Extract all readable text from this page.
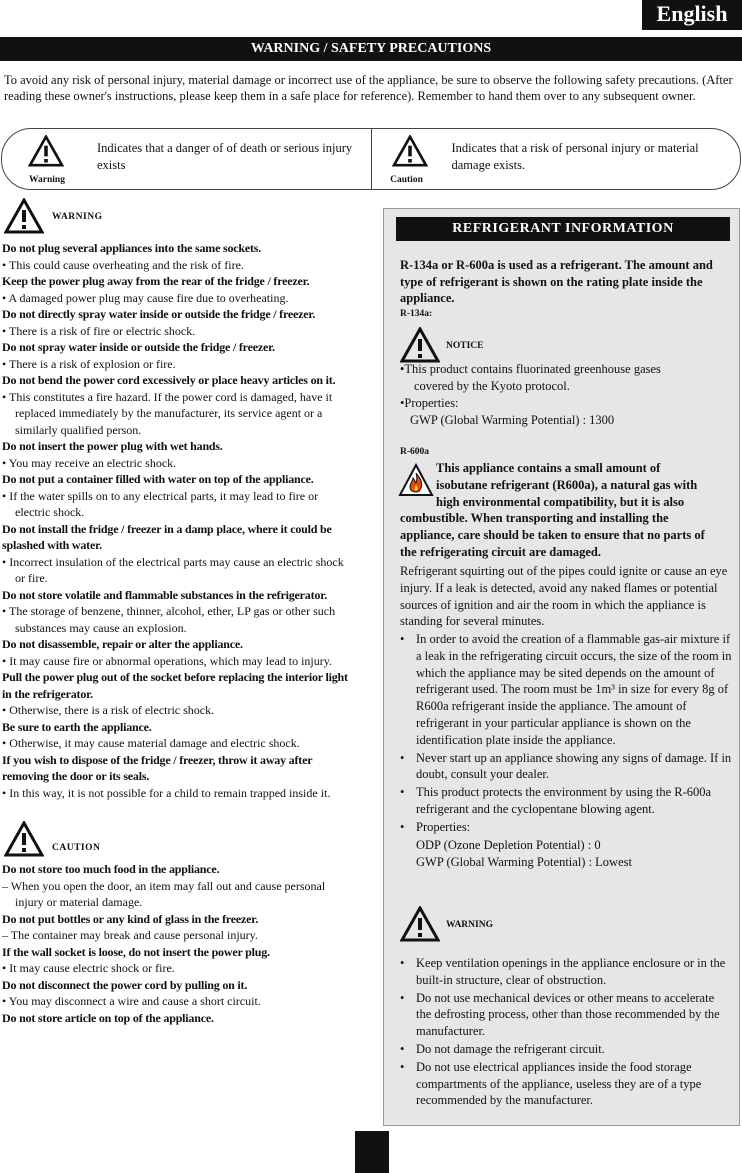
English
WARNING / SAFETY PRECAUTIONS

To avoid any risk of personal injury, material damage or incorrect use of the appliance, be sure to observe the following safety precautions. (After reading these owner's instructions, please keep them in a safe place for reference). Remember to hand them over to any subsequent owner.

Warning
Indicates that a danger of of death or serious injury exists
Caution
Indicates that a risk of personal injury or material damage exists.
WARNING
Do not plug several appliances into the same sockets.

• This could cause overheating and the risk of fire.

Keep the power plug away from the rear of the fridge / freezer.

• A damaged power plug may cause fire due to overheating.

Do not directly spray water inside or outside the fridge / freezer.

• There is a risk of fire or electric shock.

Do not spray water inside or outside the fridge / freezer.

• There is a risk of explosion or fire.

Do not bend the power cord excessively or place heavy articles on it.

• This constitutes a fire hazard. If the power cord is damaged, have it replaced immediately by the manufacturer, its service agent or a similarly qualified person.

Do not insert the power plug with wet hands.

• You may receive an electric shock.

Do not put a container filled with water on top of the appliance.

• If the water spills on to any electrical parts, it may lead to fire or electric shock.

Do not install the fridge / freezer in a damp place, where it could be splashed with water.

• Incorrect insulation of the electrical parts may cause an electric shock or fire.

Do not store volatile and flammable substances in the refrigerator.

• The storage of benzene, thinner, alcohol, ether, LP gas or other such substances may cause an explosion.

Do not disassemble, repair or alter the appliance.

• It may cause fire or abnormal operations, which may lead to injury.

Pull the power plug out of the socket before replacing the interior light in the refrigerator.

• Otherwise, there is a risk of electric shock.

Be sure to earth the appliance.

• Otherwise, it may cause material damage and electric shock.

If you wish to dispose of the fridge / freezer, throw it away after removing the door or its seals.

• In this way, it is not possible for a child to remain trapped inside it.

CAUTION
Do not store too much food in the appliance.

– When you open the door, an item may fall out and cause personal injury or material damage.

Do not put bottles or any kind of glass in the freezer.

– The container may break and cause personal injury.

If the wall socket is loose, do not insert the power plug.

• It may cause electric shock or fire.

Do not disconnect the power cord by pulling on it.

• You may disconnect a wire and cause a short circuit.

Do not store article on top of the appliance.
REFRIGERANT INFORMATION

R-134a or R-600a is used as a refrigerant. The amount and type of refrigerant is shown on the rating plate inside the appliance.

R-134a:
NOTICE
•This product contains fluorinated greenhouse gases
covered by the Kyoto protocol.
•Properties:
GWP (Global Warming Potential) : 1300
R-600a
This appliance contains a small amount of
isobutane refrigerant (R600a), a natural gas with
high environmental compatibility, but it is also
combustible. When transporting and installing the
appliance, care should be taken to ensure that no parts of
the refrigerating circuit are damaged.

Refrigerant squirting out of the pipes could ignite or cause an eye injury. If a leak is detected, avoid any naked flames or potential sources of ignition and air the room in which the appliance is standing for several minutes.

• In order to avoid the creation of a flammable gas-air mixture if a leak in the refrigerating circuit occurs, the size of the room in which the appliance may be sited depends on the amount of refrigerant used. The room must be 1m³ in size for every 8g of R600a refrigerant inside the appliance. The amount of refrigerant in your particular appliance is shown on the identification plate inside the appliance.
• Never start up an appliance showing any signs of damage. If in doubt, consult your dealer.
• This product protects the environment by using the R-600a refrigerant and the cyclopentane blowing agent.
• Properties:
ODP (Ozone Depletion Potential) : 0
GWP (Global Warming Potential) : Lowest
WARNING
• Keep ventilation openings in the appliance enclosure or in the built-in structure, clear of obstruction.
• Do not use mechanical devices or other means to accelerate the defrosting process, other than those recommended by the manufacturer.
• Do not damage the refrigerant circuit.
• Do not use electrical appliances inside the food storage compartments of the appliance, useless they are of a type recommended by the manufacturer.
